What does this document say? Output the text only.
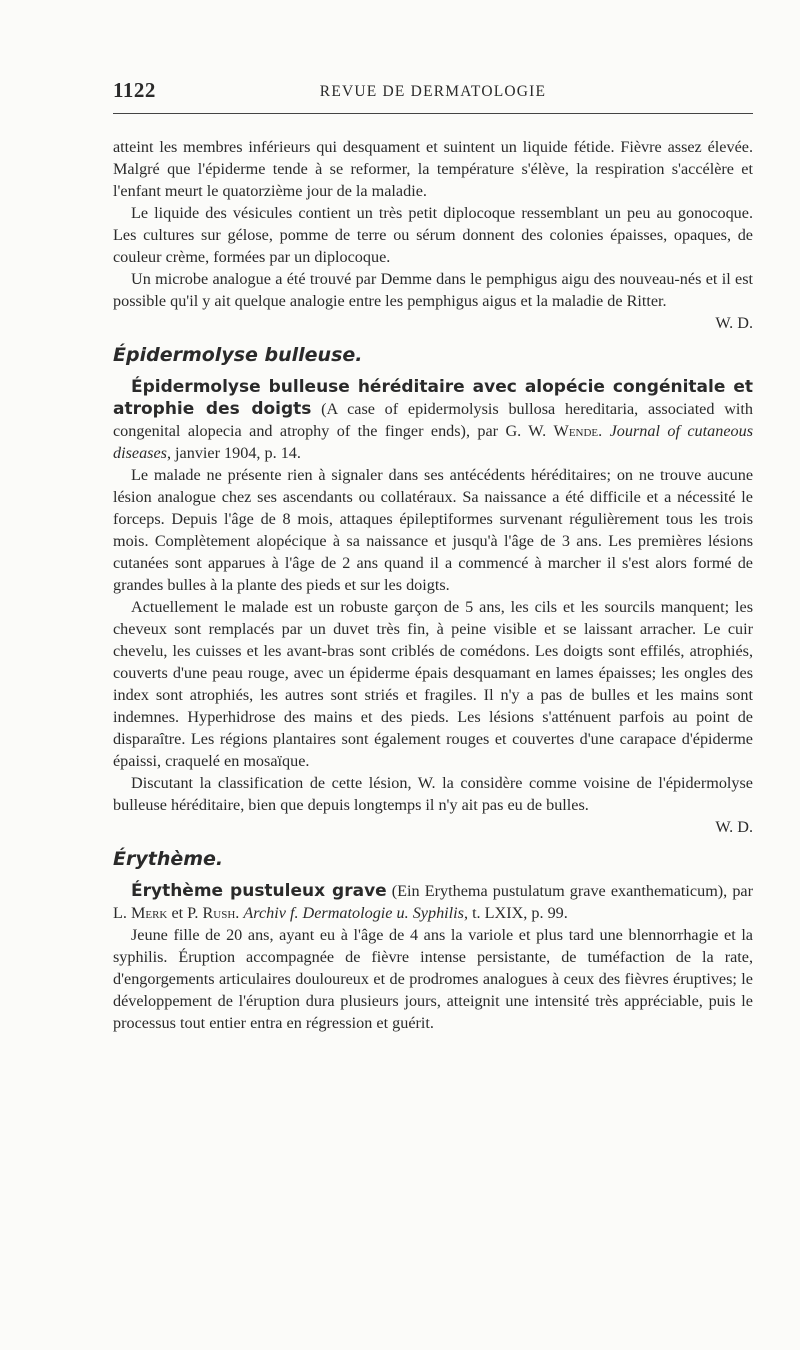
1122	REVUE DE DERMATOLOGIE

atteint les membres inférieurs qui desquament et suintent un liquide fétide. Fièvre assez élevée. Malgré que l'épiderme tende à se reformer, la température s'élève, la respiration s'accélère et l'enfant meurt le quatorzième jour de la maladie.

Le liquide des vésicules contient un très petit diplocoque ressemblant un peu au gonocoque. Les cultures sur gélose, pomme de terre ou sérum donnent des colonies épaisses, opaques, de couleur crème, formées par un diplocoque.

Un microbe analogue a été trouvé par Demme dans le pemphigus aigu des nouveau-nés et il est possible qu'il y ait quelque analogie entre les pemphigus aigus et la maladie de Ritter.

W. D.

Épidermolyse bulleuse.

Épidermolyse bulleuse héréditaire avec alopécie congénitale et atrophie des doigts (A case of epidermolysis bullosa hereditaria, associated with congenital alopecia and atrophy of the finger ends), par G. W. Wende. Journal of cutaneous diseases, janvier 1904, p. 14.

Le malade ne présente rien à signaler dans ses antécédents héréditaires; on ne trouve aucune lésion analogue chez ses ascendants ou collatéraux. Sa naissance a été difficile et a nécessité le forceps. Depuis l'âge de 8 mois, attaques épileptiformes survenant régulièrement tous les trois mois. Complètement alopécique à sa naissance et jusqu'à l'âge de 3 ans. Les premières lésions cutanées sont apparues à l'âge de 2 ans quand il a commencé à marcher il s'est alors formé de grandes bulles à la plante des pieds et sur les doigts.

Actuellement le malade est un robuste garçon de 5 ans, les cils et les sourcils manquent; les cheveux sont remplacés par un duvet très fin, à peine visible et se laissant arracher. Le cuir chevelu, les cuisses et les avant-bras sont criblés de comédons. Les doigts sont effilés, atrophiés, couverts d'une peau rouge, avec un épiderme épais desquamant en lames épaisses; les ongles des index sont atrophiés, les autres sont striés et fragiles. Il n'y a pas de bulles et les mains sont indemnes. Hyperhidrose des mains et des pieds. Les lésions s'atténuent parfois au point de disparaître. Les régions plantaires sont également rouges et couvertes d'une carapace d'épiderme épaissi, craquelé en mosaïque.

Discutant la classification de cette lésion, W. la considère comme voisine de l'épidermolyse bulleuse héréditaire, bien que depuis longtemps il n'y ait pas eu de bulles.

W. D.

Érythème.

Érythème pustuleux grave (Ein Erythema pustulatum grave exanthematicum), par L. Merk et P. Rush. Archiv f. Dermatologie u. Syphilis, t. LXIX, p. 99.

Jeune fille de 20 ans, ayant eu à l'âge de 4 ans la variole et plus tard une blennorrhagie et la syphilis. Éruption accompagnée de fièvre intense persistante, de tuméfaction de la rate, d'engorgements articulaires douloureux et de prodromes analogues à ceux des fièvres éruptives; le développement de l'éruption dura plusieurs jours, atteignit une intensité très appréciable, puis le processus tout entier entra en régression et guérit.
